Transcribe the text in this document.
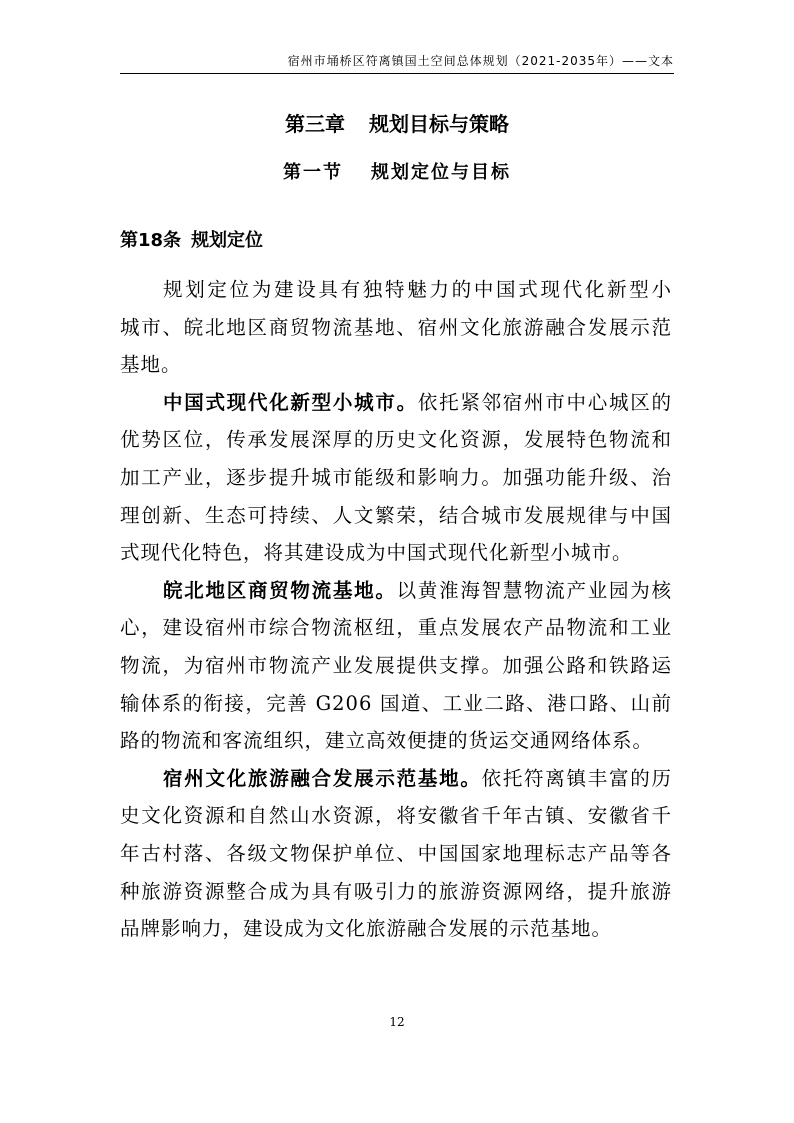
宿州市埇桥区符离镇国土空间总体规划（2021-2035年）——文本
第三章 规划目标与策略
第一节 规划定位与目标
第18条 规划定位
规划定位为建设具有独特魅力的中国式现代化新型小
城市、皖北地区商贸物流基地、宿州文化旅游融合发展示范
基地。
中国式现代化新型小城市。依托紧邻宿州市中心城区的
优势区位，传承发展深厚的历史文化资源，发展特色物流和
加工产业，逐步提升城市能级和影响力。加强功能升级、治
理创新、生态可持续、人文繁荣，结合城市发展规律与中国
式现代化特色，将其建设成为中国式现代化新型小城市。
皖北地区商贸物流基地。以黄淮海智慧物流产业园为核
心，建设宿州市综合物流枢纽，重点发展农产品物流和工业
物流，为宿州市物流产业发展提供支撑。加强公路和铁路运
输体系的衔接，完善 G206 国道、工业二路、港口路、山前
路的物流和客流组织，建立高效便捷的货运交通网络体系。
宿州文化旅游融合发展示范基地。依托符离镇丰富的历
史文化资源和自然山水资源，将安徽省千年古镇、安徽省千
年古村落、各级文物保护单位、中国国家地理标志产品等各
种旅游资源整合成为具有吸引力的旅游资源网络，提升旅游
品牌影响力，建设成为文化旅游融合发展的示范基地。
12
